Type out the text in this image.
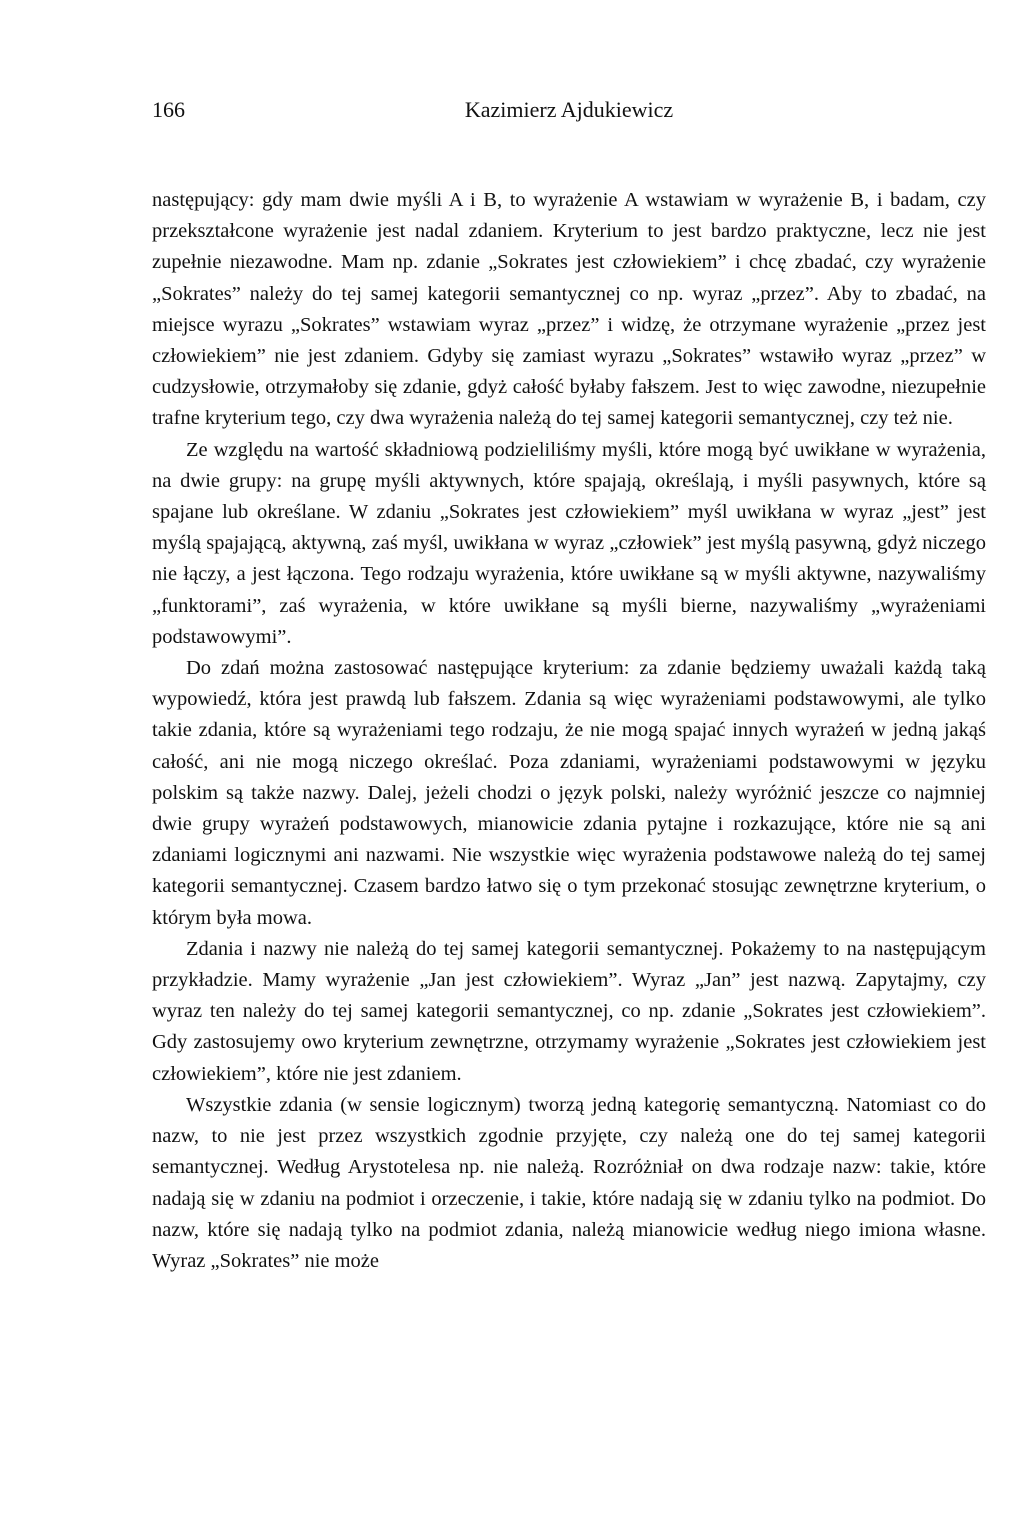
166	Kazimierz Ajdukiewicz

następujący: gdy mam dwie myśli A i B, to wyrażenie A wstawiam w wyrażenie B, i badam, czy przekształcone wyrażenie jest nadal zdaniem. Kryterium to jest bardzo praktyczne, lecz nie jest zupełnie niezawodne. Mam np. zdanie „Sokrates jest człowiekiem” i chcę zbadać, czy wyrażenie „Sokrates” należy do tej samej kategorii semantycznej co np. wyraz „przez”. Aby to zbadać, na miejsce wyrazu „Sokrates” wstawiam wyraz „przez” i widzę, że otrzymane wyrażenie „przez jest człowiekiem” nie jest zdaniem. Gdyby się zamiast wyrazu „Sokrates” wstawiło wyraz „przez” w cudzysłowie, otrzymałoby się zdanie, gdyż całość byłaby fałszem. Jest to więc zawodne, niezupełnie trafne kryterium tego, czy dwa wyrażenia należą do tej samej kategorii semantycznej, czy też nie.

Ze względu na wartość składniową podzieliliśmy myśli, które mogą być uwikłane w wyrażenia, na dwie grupy: na grupę myśli aktywnych, które spajają, określają, i myśli pasywnych, które są spajane lub określane. W zdaniu „Sokrates jest człowiekiem” myśl uwikłana w wyraz „jest” jest myślą spajającą, aktywną, zaś myśl, uwikłana w wyraz „człowiek” jest myślą pasywną, gdyż niczego nie łączy, a jest łączona. Tego rodzaju wyrażenia, które uwikłane są w myśli aktywne, nazywaliśmy „funktorami”, zaś wyrażenia, w które uwikłane są myśli bierne, nazywaliśmy „wyrażeniami podstawowymi”.

Do zdań można zastosować następujące kryterium: za zdanie będziemy uważali każdą taką wypowiedź, która jest prawdą lub fałszem. Zdania są więc wyrażeniami podstawowymi, ale tylko takie zdania, które są wyrażeniami tego rodzaju, że nie mogą spajać innych wyrażeń w jedną jakąś całość, ani nie mogą niczego określać. Poza zdaniami, wyrażeniami podstawowymi w języku polskim są także nazwy. Dalej, jeżeli chodzi o język polski, należy wyróżnić jeszcze co najmniej dwie grupy wyrażeń podstawowych, mianowicie zdania pytajne i rozkazujące, które nie są ani zdaniami logicznymi ani nazwami. Nie wszystkie więc wyrażenia podstawowe należą do tej samej kategorii semantycznej. Czasem bardzo łatwo się o tym przekonać stosując zewnętrzne kryterium, o którym była mowa.

Zdania i nazwy nie należą do tej samej kategorii semantycznej. Pokażemy to na następującym przykładzie. Mamy wyrażenie „Jan jest człowiekiem”. Wyraz „Jan” jest nazwą. Zapytajmy, czy wyraz ten należy do tej samej kategorii semantycznej, co np. zdanie „Sokrates jest człowiekiem”. Gdy zastosujemy owo kryterium zewnętrzne, otrzymamy wyrażenie „Sokrates jest człowiekiem jest człowiekiem”, które nie jest zdaniem.

Wszystkie zdania (w sensie logicznym) tworzą jedną kategorię semantyczną. Natomiast co do nazw, to nie jest przez wszystkich zgodnie przyjęte, czy należą one do tej samej kategorii semantycznej. Według Arystotelesa np. nie należą. Rozróżniał on dwa rodzaje nazw: takie, które nadają się w zdaniu na podmiot i orzeczenie, i takie, które nadają się w zdaniu tylko na podmiot. Do nazw, które się nadają tylko na podmiot zdania, należą mianowicie według niego imiona własne. Wyraz „Sokrates” nie może
